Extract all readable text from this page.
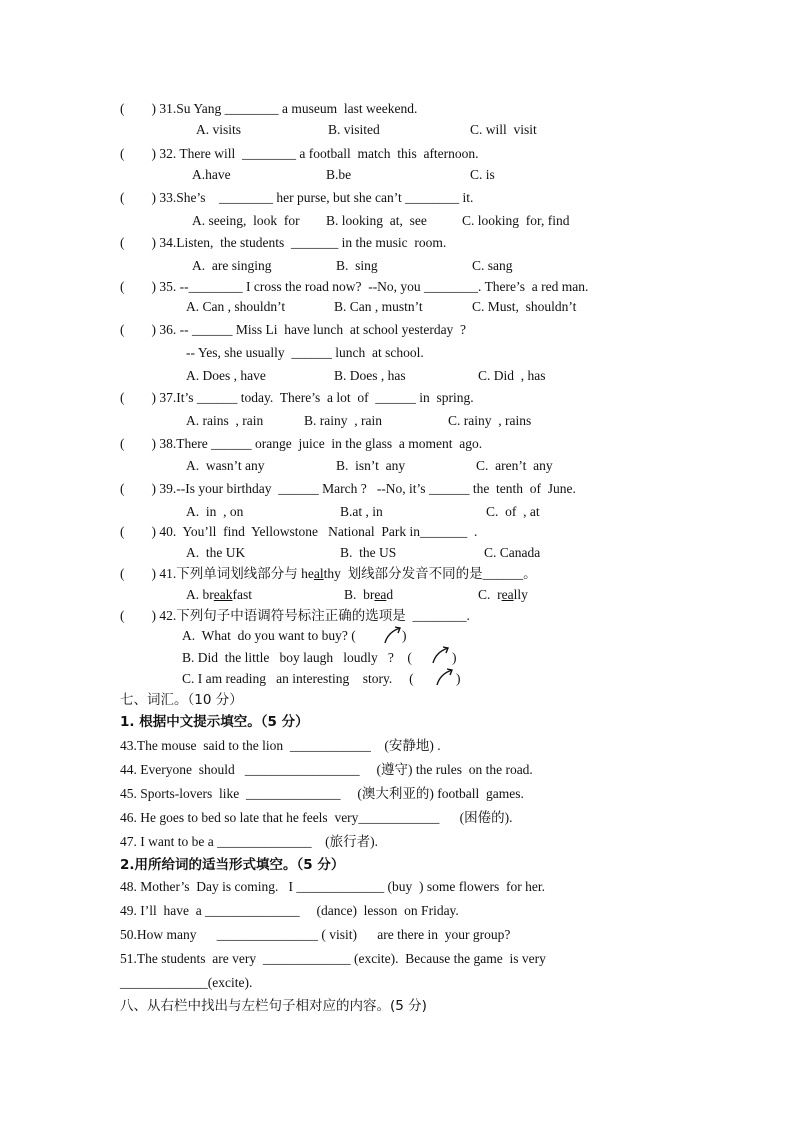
(        ) 31.Su Yang ________ a museum  last weekend.
A. visits	B. visited	C. will  visit
(        ) 32. There will  ________ a football  match  this  afternoon.
A.have	B.be	C. is
(        ) 33.She’s    ________ her purse, but she can’t ________ it.
A. seeing,  look  for B. looking  at,  see	C. looking  for, find
(        ) 34.Listen,  the students  _______ in the music  room.
A.  are singing	B.  sing	C. sang
(        ) 35. --________ I cross the road now?  --No, you ________. There’s  a red man.
A. Can , shouldn’t	B. Can , mustn’t	C. Must,  shouldn’t
(        ) 36. -- ______ Miss Li  have lunch  at school yesterday  ?
-- Yes, she usually  ______ lunch  at school.
A. Does , have	B. Does , has	C. Did  , has
(        ) 37.It’s ______ today.  There’s  a lot  of  ______ in  spring.
A. rains  , rain	B. rainy  , rain	C. rainy  , rains
(        ) 38.There ______ orange  juice  in the glass  a moment  ago.
A.  wasn’t any	B.  isn’t  any	C.  aren’t  any
(        ) 39.--Is your birthday  ______ March ?   --No, it’s ______ the  tenth  of  June.
A.  in  , on	B.at , in	C.  of  , at
(        ) 40.  You’ll  find  Yellowstone   National  Park in_______  .
A.  the UK	B.  the US	C. Canada
(        ) 41.下列单词划线部分与 healthy  划线部分发音不同的是______。
A. breakfast	B.  bread	C.  really
(        ) 42.下列句子中语调符号标注正确的选项是  ________.
A.  What  do you want to buy? (	)
B. Did  the little   boy laugh   loudly   ?    (	)
C. I am reading   an interesting    story.     (	)
七、词汇。（10 分）
1. 根据中文提示填空。（5 分）
43.The mouse  said to the lion  ____________    (安静地) .
44. Everyone  should   _________________     (遵守) the rules  on the road.
45. Sports-lovers  like  ______________     (澳大利亚的) football  games.
46. He goes to bed so late that he feels  very____________      (困倦的).
47. I want to be a ______________    (旅行者).
2.用所给词的适当形式填空。（5 分）
48. Mother’s  Day is coming.   I _____________ (buy  ) some flowers  for her.
49. I’ll  have  a ______________     (dance)  lesson  on Friday.
50.How many      _______________ ( visit)      are there in  your group?
51.The students  are very  _____________ (excite).  Because the game  is very
_____________(excite).
八、从右栏中找出与左栏句子相对应的内容。(5 分)
